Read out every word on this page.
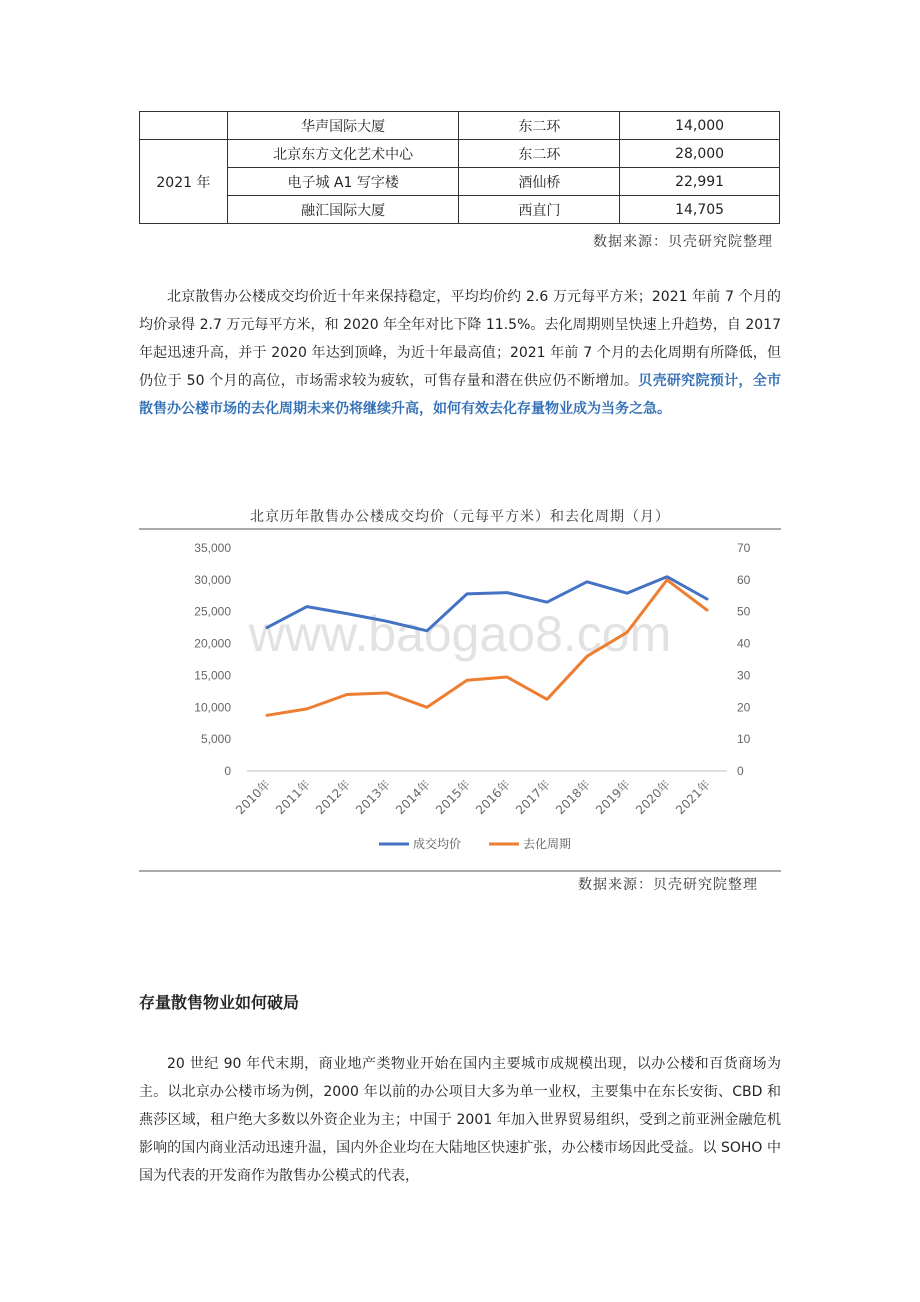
	华声国际大厦	东二环	14,000
2021 年	北京东方文化艺术中心	东二环	28,000
	电子城 A1 写字楼	酒仙桥	22,991
	融汇国际大厦	西直门	14,705
数据来源：贝壳研究院整理

北京散售办公楼成交均价近十年来保持稳定，平均均价约 2.6 万元每平方米；2021 年前 7 个月的均价录得 2.7 万元每平方米，和 2020 年全年对比下降 11.5%。去化周期则呈快速上升趋势，自 2017 年起迅速升高，并于 2020 年达到顶峰，为近十年最高值；2021 年前 7 个月的去化周期有所降低，但仍位于 50 个月的高位，市场需求较为疲软，可售存量和潜在供应仍不断增加。贝壳研究院预计，全市散售办公楼市场的去化周期未来仍将继续升高，如何有效去化存量物业成为当务之急。

北京历年散售办公楼成交均价（元每平方米）和去化周期（月）
www.baogao8.com
0
5,000
10,000
15,000
20,000
25,000
30,000
35,000
0
10
20
30
40
50
60
70
2010年 2011年 2012年 2013年 2014年 2015年 2016年 2017年 2018年 2019年 2020年 2021年
成交均价	去化周期
数据来源：贝壳研究院整理
存量散售物业如何破局

20 世纪 90 年代末期，商业地产类物业开始在国内主要城市成规模出现，以办公楼和百货商场为主。以北京办公楼市场为例，2000 年以前的办公项目大多为单一业权，主要集中在东长安街、CBD 和燕莎区域，租户绝大多数以外资企业为主；中国于 2001 年加入世界贸易组织，受到之前亚洲金融危机影响的国内商业活动迅速升温，国内外企业均在大陆地区快速扩张，办公楼市场因此受益。以 SOHO 中国为代表的开发商作为散售办公模式的代表，
